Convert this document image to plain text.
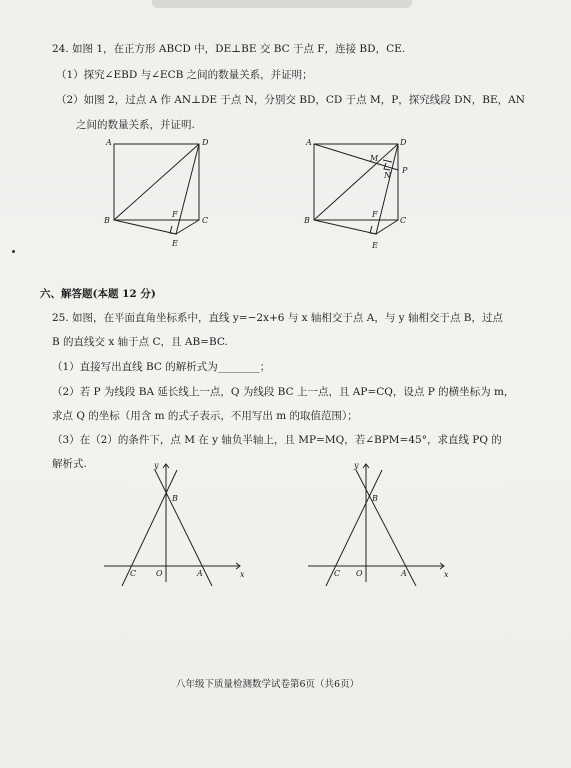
24. 如图 1，在正方形 ABCD 中，DE⊥BE 交 BC 于点 F，连接 BD，CE.
（1）探究∠EBD 与∠ECB 之间的数量关系，并证明；
（2）如图 2，过点 A 作 AN⊥DE 于点 N，分别交 BD，CD 于点 M，P，探究线段 DN，BE，AN
之间的数量关系，并证明.
A	D
B	C
F
E
A	D
B	C
F
E
M
N
P
六、解答题(本题 12 分)
25. 如图，在平面直角坐标系中，直线 y=−2x+6 与 x 轴相交于点 A，与 y 轴相交于点 B，过点
B 的直线交 x 轴于点 C，且 AB=BC.
（1）直接写出直线 BC 的解析式为________；
（2）若 P 为线段 BA 延长线上一点，Q 为线段 BC 上一点，且 AP=CQ，设点 P 的横坐标为 m，
求点 Q 的坐标（用含 m 的式子表示，不用写出 m 的取值范围）；
（3）在（2）的条件下，点 M 在 y 轴负半轴上，且 MP=MQ，若∠BPM=45°，求直线 PQ 的
解析式.	y
x
B
C O	A
y
x
B
C O	A
八年级下质量检测数学试卷第6页（共6页）
